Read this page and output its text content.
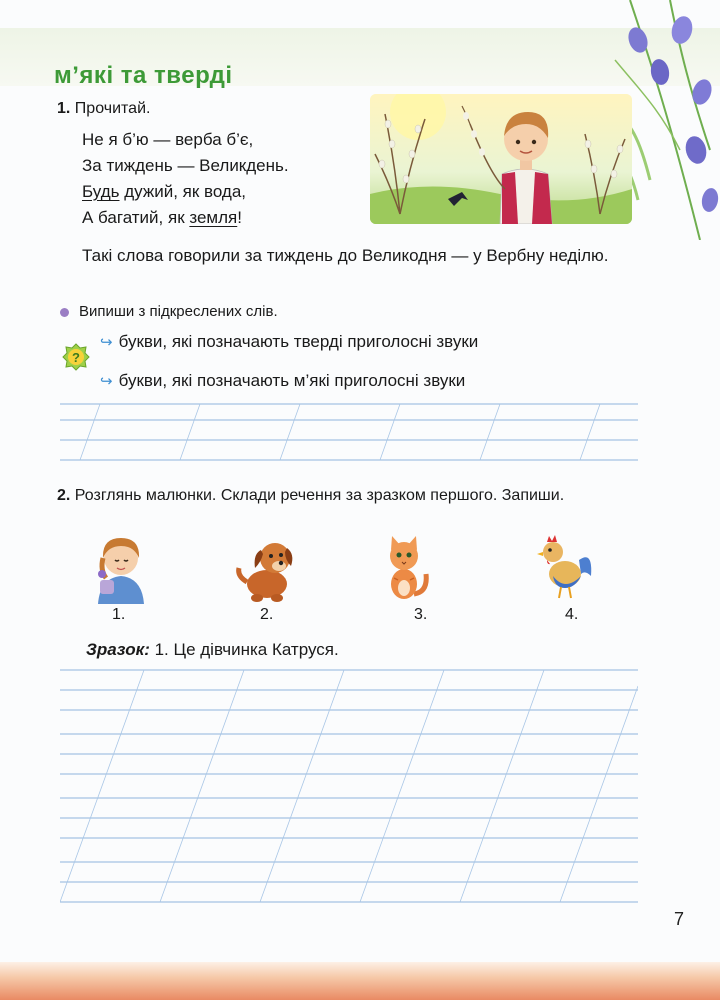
м’які та тверді
1. Прочитай.
Не я б’ю — верба б’є,
За тиждень — Великдень.
Будь дужий, як вода,
А багатий, як земля!
Такі слова говорили за тиждень до Великодня — у Вербну неділю.
Випиши з підкреслених слів.
?
↪ букви, які позначають тверді приголосні звуки
↪ букви, які позначають м’які приголосні звуки
2. Розглянь малюнки. Склади речення за зразком першого. Запиши.
1.	2.	3.	4.
Зразок: 1. Це дівчинка Катруся.
7
